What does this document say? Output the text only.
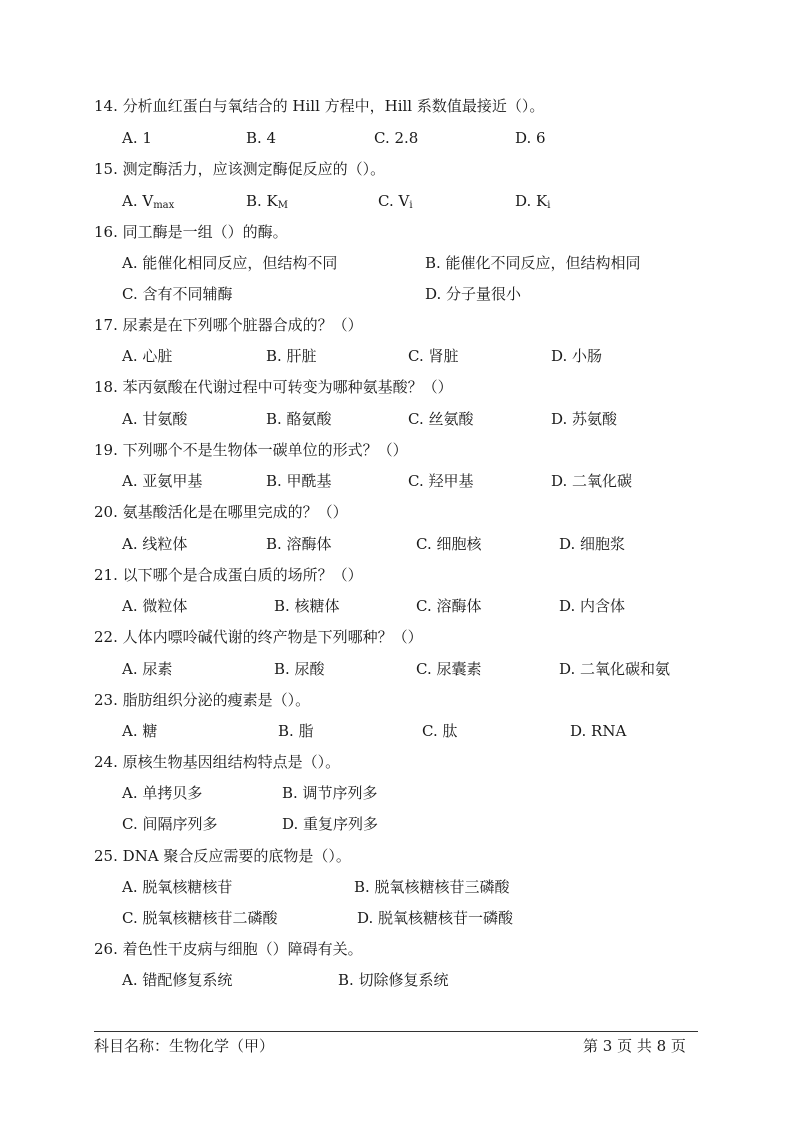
14. 分析血红蛋白与氧结合的 Hill 方程中，Hill 系数值最接近（）。
A. 1	B. 4	C. 2.8	D. 6
15. 测定酶活力，应该测定酶促反应的（）。
A. $V_{max}$	B. $K_M$	C. $V_i$	D. $K_i$
16. 同工酶是一组（）的酶。
A. 能催化相同反应，但结构不同	B. 能催化不同反应，但结构相同
C. 含有不同辅酶	D. 分子量很小
17. 尿素是在下列哪个脏器合成的？（）
A. 心脏	B. 肝脏	C. 肾脏	D. 小肠
18. 苯丙氨酸在代谢过程中可转变为哪种氨基酸？（）
A. 甘氨酸	B. 酪氨酸	C. 丝氨酸	D. 苏氨酸
19. 下列哪个不是生物体一碳单位的形式？（）
A. 亚氨甲基	B. 甲酰基	C. 羟甲基	D. 二氧化碳
20. 氨基酸活化是在哪里完成的？（）
A. 线粒体	B. 溶酶体	C. 细胞核	D. 细胞浆
21. 以下哪个是合成蛋白质的场所？（）
A. 微粒体	B. 核糖体	C. 溶酶体	D. 内含体
22. 人体内嘌呤碱代谢的终产物是下列哪种？（）
A. 尿素	B. 尿酸	C. 尿囊素	D. 二氧化碳和氨
23. 脂肪组织分泌的瘦素是（）。
A. 糖	B. 脂	C. 肽	D. RNA
24. 原核生物基因组结构特点是（）。
A. 单拷贝多	B. 调节序列多
C. 间隔序列多	D. 重复序列多
25. DNA 聚合反应需要的底物是（）。
A. 脱氧核糖核苷	B. 脱氧核糖核苷三磷酸
C. 脱氧核糖核苷二磷酸	D. 脱氧核糖核苷一磷酸
26. 着色性干皮病与细胞（）障碍有关。
A. 错配修复系统	B. 切除修复系统
科目名称：生物化学（甲）	第 3 页 共 8 页
